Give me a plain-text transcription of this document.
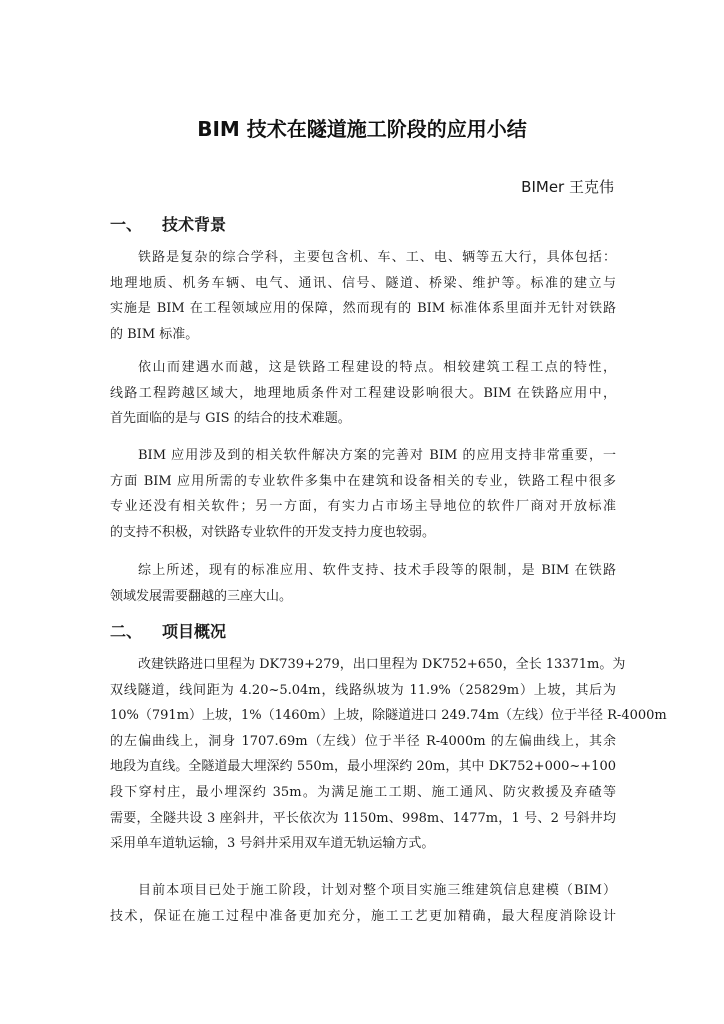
BIM 技术在隧道施工阶段的应用小结
BIMer 王克伟
一、 技术背景
铁路是复杂的综合学科，主要包含机、车、工、电、辆等五大行，具体包括：
地理地质、机务车辆、电气、通讯、信号、隧道、桥梁、维护等。标准的建立与
实施是 BIM 在工程领域应用的保障，然而现有的 BIM 标准体系里面并无针对铁路
的 BIM 标准。
依山而建遇水而越，这是铁路工程建设的特点。相较建筑工程工点的特性，
线路工程跨越区域大，地理地质条件对工程建设影响很大。BIM 在铁路应用中，
首先面临的是与 GIS 的结合的技术难题。
BIM 应用涉及到的相关软件解决方案的完善对 BIM 的应用支持非常重要，一
方面 BIM 应用所需的专业软件多集中在建筑和设备相关的专业，铁路工程中很多
专业还没有相关软件；另一方面，有实力占市场主导地位的软件厂商对开放标准
的支持不积极，对铁路专业软件的开发支持力度也较弱。
综上所述，现有的标准应用、软件支持、技术手段等的限制，是 BIM 在铁路
领域发展需要翻越的三座大山。
二、 项目概况
改建铁路进口里程为 DK739+279，出口里程为 DK752+650，全长 13371m。为
双线隧道，线间距为 4.20~5.04m，线路纵坡为 11.9%（25829m）上坡，其后为
10%（791m）上坡，1%（1460m）上坡，除隧道进口 249.74m（左线）位于半径 R-4000m
的左偏曲线上，洞身 1707.69m（左线）位于半径 R-4000m 的左偏曲线上，其余
地段为直线。全隧道最大埋深约 550m，最小埋深约 20m，其中 DK752+000~+100
段下穿村庄，最小埋深约 35m。为满足施工工期、施工通风、防灾救援及弃碴等
需要，全隧共设 3 座斜井，平长依次为 1150m、998m、1477m，1 号、2 号斜井均
采用单车道轨运输，3 号斜井采用双车道无轨运输方式。
目前本项目已处于施工阶段，计划对整个项目实施三维建筑信息建模（BIM）
技术，保证在施工过程中准备更加充分，施工工艺更加精确，最大程度消除设计
